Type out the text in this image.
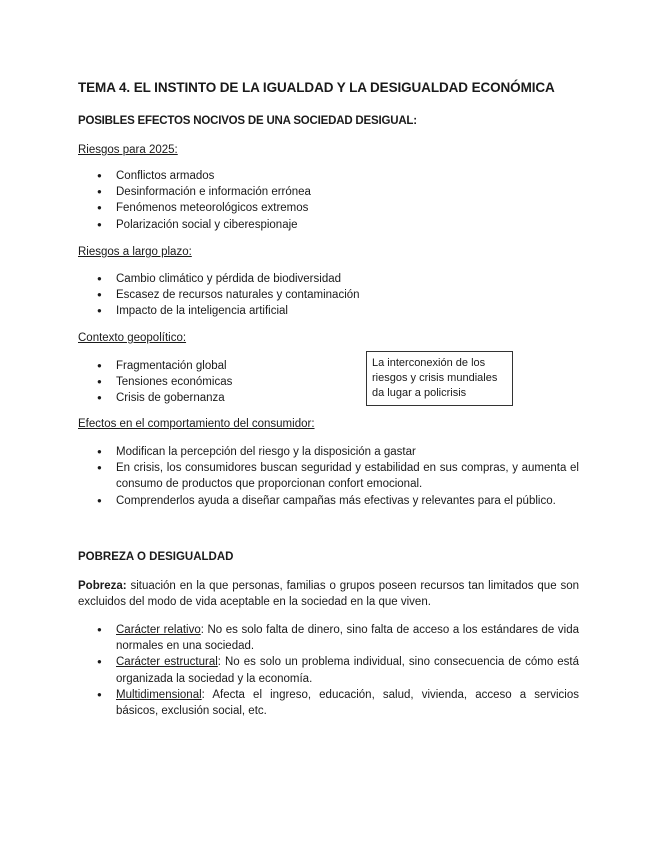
TEMA 4. EL INSTINTO DE LA IGUALDAD Y LA DESIGUALDAD ECONÓMICA
POSIBLES EFECTOS NOCIVOS DE UNA SOCIEDAD DESIGUAL:
Riesgos para 2025:
● Conflictos armados
● Desinformación e información errónea
● Fenómenos meteorológicos extremos
● Polarización social y ciberespionaje
Riesgos a largo plazo:
● Cambio climático y pérdida de biodiversidad
● Escasez de recursos naturales y contaminación
● Impacto de la inteligencia artificial
Contexto geopolítico:
● Fragmentación global
● Tensiones económicas
● Crisis de gobernanza
La interconexión de los riesgos y crisis mundiales da lugar a policrisis
Efectos en el comportamiento del consumidor:
● Modifican la percepción del riesgo y la disposición a gastar
● En crisis, los consumidores buscan seguridad y estabilidad en sus compras, y aumenta el consumo de productos que proporcionan confort emocional.
● Comprenderlos ayuda a diseñar campañas más efectivas y relevantes para el público.
POBREZA O DESIGUALDAD
Pobreza: situación en la que personas, familias o grupos poseen recursos tan limitados que son excluidos del modo de vida aceptable en la sociedad en la que viven.
● Carácter relativo: No es solo falta de dinero, sino falta de acceso a los estándares de vida normales en una sociedad.
● Carácter estructural: No es solo un problema individual, sino consecuencia de cómo está organizada la sociedad y la economía.
● Multidimensional: Afecta el ingreso, educación, salud, vivienda, acceso a servicios básicos, exclusión social, etc.
